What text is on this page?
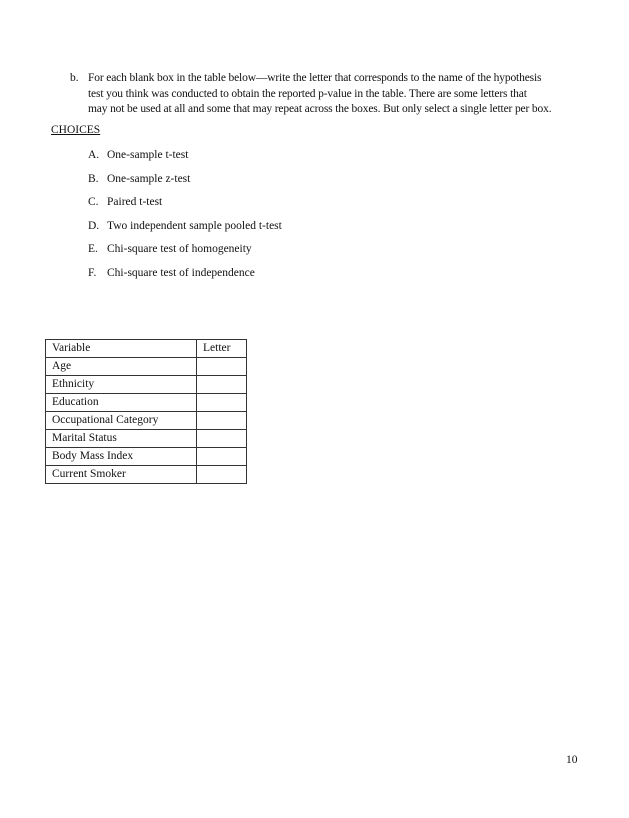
b. For each blank box in the table below—write the letter that corresponds to the name of the hypothesis
test you think was conducted to obtain the reported p-value in the table. There are some letters that
may not be used at all and some that may repeat across the boxes. But only select a single letter per box.
CHOICES
A. One-sample t-test
B. One-sample z-test
C. Paired t-test
D. Two independent sample pooled t-test
E. Chi-square test of homogeneity
F. Chi-square test of independence
Variable	Letter
Age	
Ethnicity	
Education	
Occupational Category	
Marital Status	
Body Mass Index	
Current Smoker	
10
